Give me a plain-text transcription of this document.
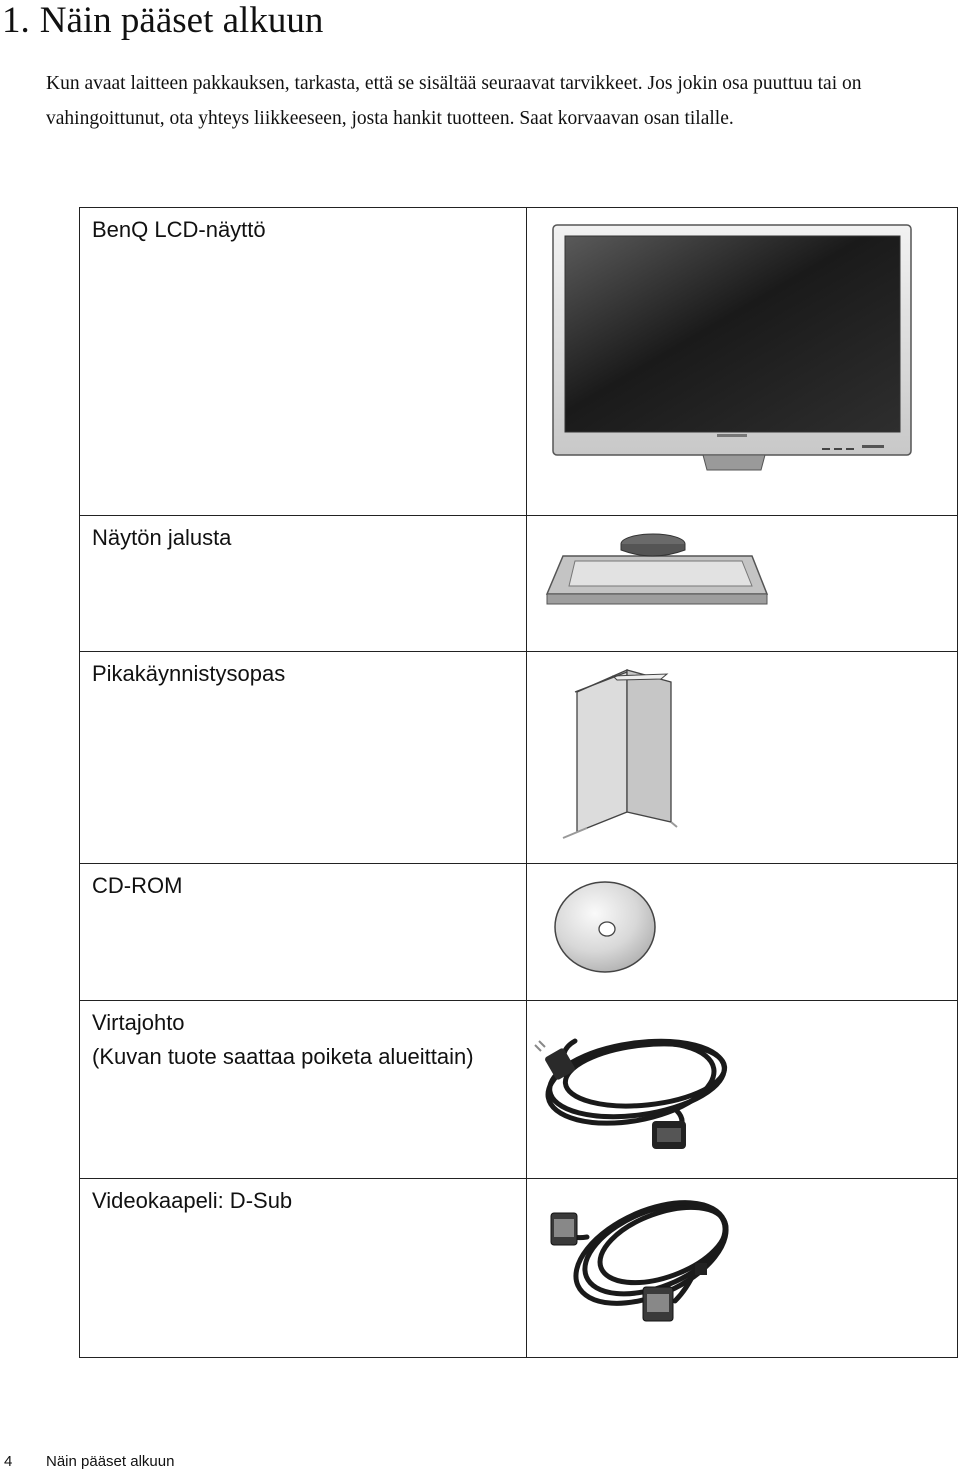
1. Näin pääset alkuun

Kun avaat laitteen pakkauksen, tarkasta, että se sisältää seuraavat tarvikkeet. Jos jokin osa puuttuu tai on vahingoittunut, ota yhteys liikkeeseen, josta hankit tuotteen. Saat korvaavan osan tilalle.

BenQ LCD-näyttö	

Näytön jalusta	

Pikakäynnistysopas	

CD-ROM	

Virtajohto
(Kuvan tuote saattaa poiketa alueittain)

Videokaapeli: D-Sub	
4 Näin pääset alkuun
